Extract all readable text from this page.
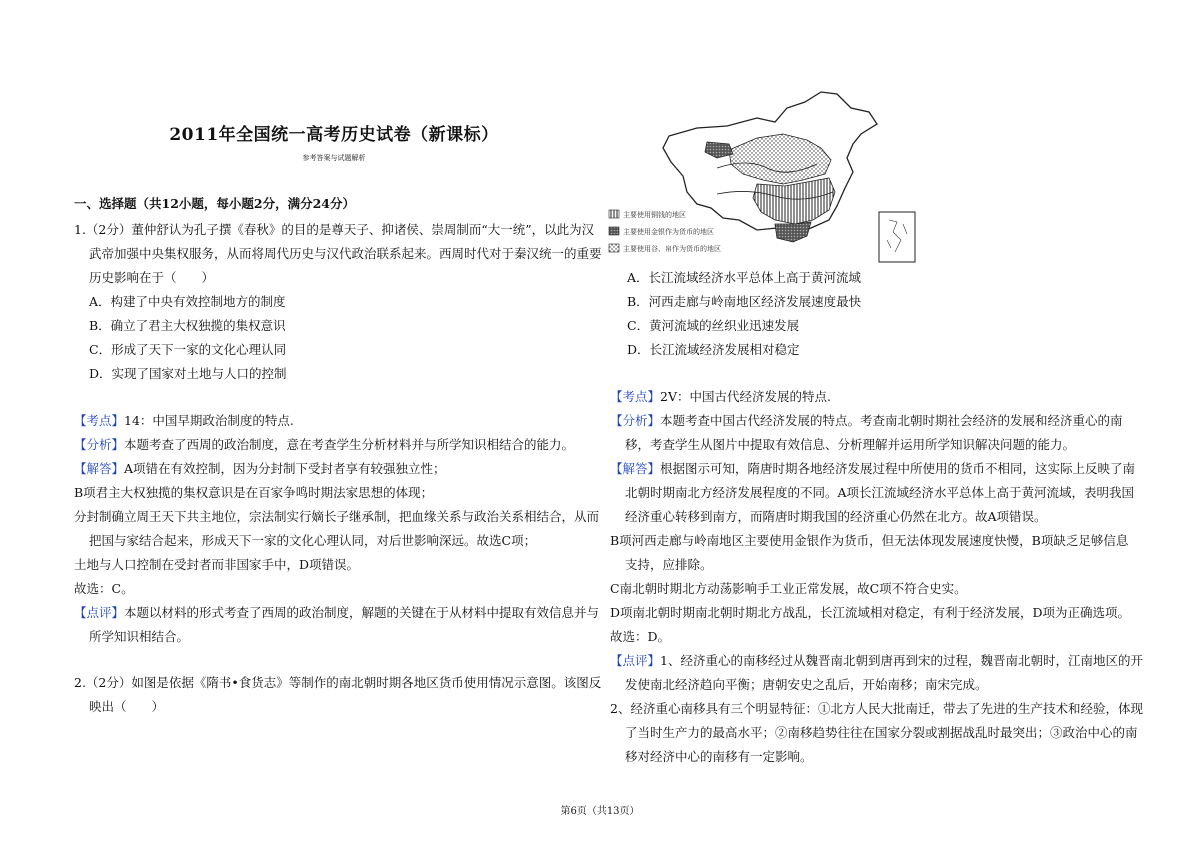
2011年全国统一高考历史试卷（新课标）
参考答案与试题解析
一、选择题（共12小题，每小题2分，满分24分）
1.（2分）董仲舒认为孔子撰《春秋》的目的是尊天子、抑诸侯、崇周制而“大一统”，以此为汉
武帝加强中央集权服务，从而将周代历史与汉代政治联系起来。西周时代对于秦汉统一的重要
历史影响在于（　　）
A．构建了中央有效控制地方的制度
B．确立了君主大权独揽的集权意识
C．形成了天下一家的文化心理认同
D．实现了国家对土地与人口的控制
【考点】14：中国早期政治制度的特点.
【分析】本题考查了西周的政治制度，意在考查学生分析材料并与所学知识相结合的能力。
【解答】A项错在有效控制，因为分封制下受封者享有较强独立性；
B项君主大权独揽的集权意识是在百家争鸣时期法家思想的体现；
分封制确立周王天下共主地位，宗法制实行嫡长子继承制，把血缘关系与政治关系相结合，从而
把国与家结合起来，形成天下一家的文化心理认同，对后世影响深远。故选C项；
土地与人口控制在受封者而非国家手中，D项错误。
故选：C。
【点评】本题以材料的形式考查了西周的政治制度，解题的关键在于从材料中提取有效信息并与
所学知识相结合。
2.（2分）如图是依据《隋书•食货志》等制作的南北朝时期各地区货币使用情况示意图。该图反
映出（　　）
主要使用铜钱的地区
主要使用金银作为货币的地区
主要使用谷、帛作为货币的地区
A．长江流域经济水平总体上高于黄河流域
B．河西走廊与岭南地区经济发展速度最快
C．黄河流域的丝织业迅速发展
D．长江流域经济发展相对稳定
【考点】2V：中国古代经济发展的特点.
【分析】本题考查中国古代经济发展的特点。考查南北朝时期社会经济的发展和经济重心的南
移，考查学生从图片中提取有效信息、分析理解并运用所学知识解决问题的能力。
【解答】根据图示可知，隋唐时期各地经济发展过程中所使用的货币不相同，这实际上反映了南
北朝时期南北方经济发展程度的不同。A项长江流域经济水平总体上高于黄河流域，表明我国
经济重心转移到南方，而隋唐时期我国的经济重心仍然在北方。故A项错误。
B项河西走廊与岭南地区主要使用金银作为货币，但无法体现发展速度快慢，B项缺乏足够信息
支持，应排除。
C南北朝时期北方动荡影响手工业正常发展，故C项不符合史实。
D项南北朝时期南北朝时期北方战乱，长江流域相对稳定，有利于经济发展，D项为正确选项。
故选：D。
【点评】1、经济重心的南移经过从魏晋南北朝到唐再到宋的过程，魏晋南北朝时，江南地区的开
发使南北经济趋向平衡；唐朝安史之乱后，开始南移；南宋完成。
2、经济重心南移具有三个明显特征：①北方人民大批南迁，带去了先进的生产技术和经验，体现
了当时生产力的最高水平；②南移趋势往往在国家分裂或割据战乱时最突出；③政治中心的南
移对经济中心的南移有一定影响。
第6页（共13页）
